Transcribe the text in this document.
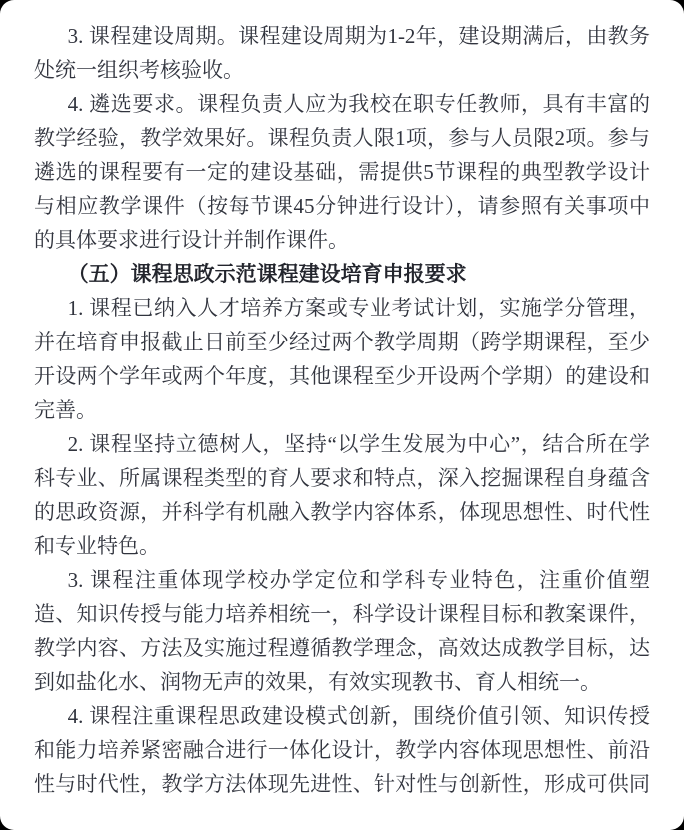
3. 课程建设周期。课程建设周期为1-2年，建设期满后，由教务处统一组织考核验收。

4. 遴选要求。课程负责人应为我校在职专任教师，具有丰富的教学经验，教学效果好。课程负责人限1项，参与人员限2项。参与遴选的课程要有一定的建设基础，需提供5节课程的典型教学设计与相应教学课件（按每节课45分钟进行设计），请参照有关事项中的具体要求进行设计并制作课件。

（五）课程思政示范课程建设培育申报要求

1. 课程已纳入人才培养方案或专业考试计划，实施学分管理，并在培育申报截止日前至少经过两个教学周期（跨学期课程，至少开设两个学年或两个年度，其他课程至少开设两个学期）的建设和完善。

2. 课程坚持立德树人，坚持“以学生发展为中心”，结合所在学科专业、所属课程类型的育人要求和特点，深入挖掘课程自身蕴含的思政资源，并科学有机融入教学内容体系，体现思想性、时代性和专业特色。

3. 课程注重体现学校办学定位和学科专业特色，注重价值塑造、知识传授与能力培养相统一，科学设计课程目标和教案课件，教学内容、方法及实施过程遵循教学理念，高效达成教学目标，达到如盐化水、润物无声的效果，有效实现教书、育人相统一。

4. 课程注重课程思政建设模式创新，围绕价值引领、知识传授和能力培养紧密融合进行一体化设计，教学内容体现思想性、前沿性与时代性，教学方法体现先进性、针对性与创新性，形成可供同
